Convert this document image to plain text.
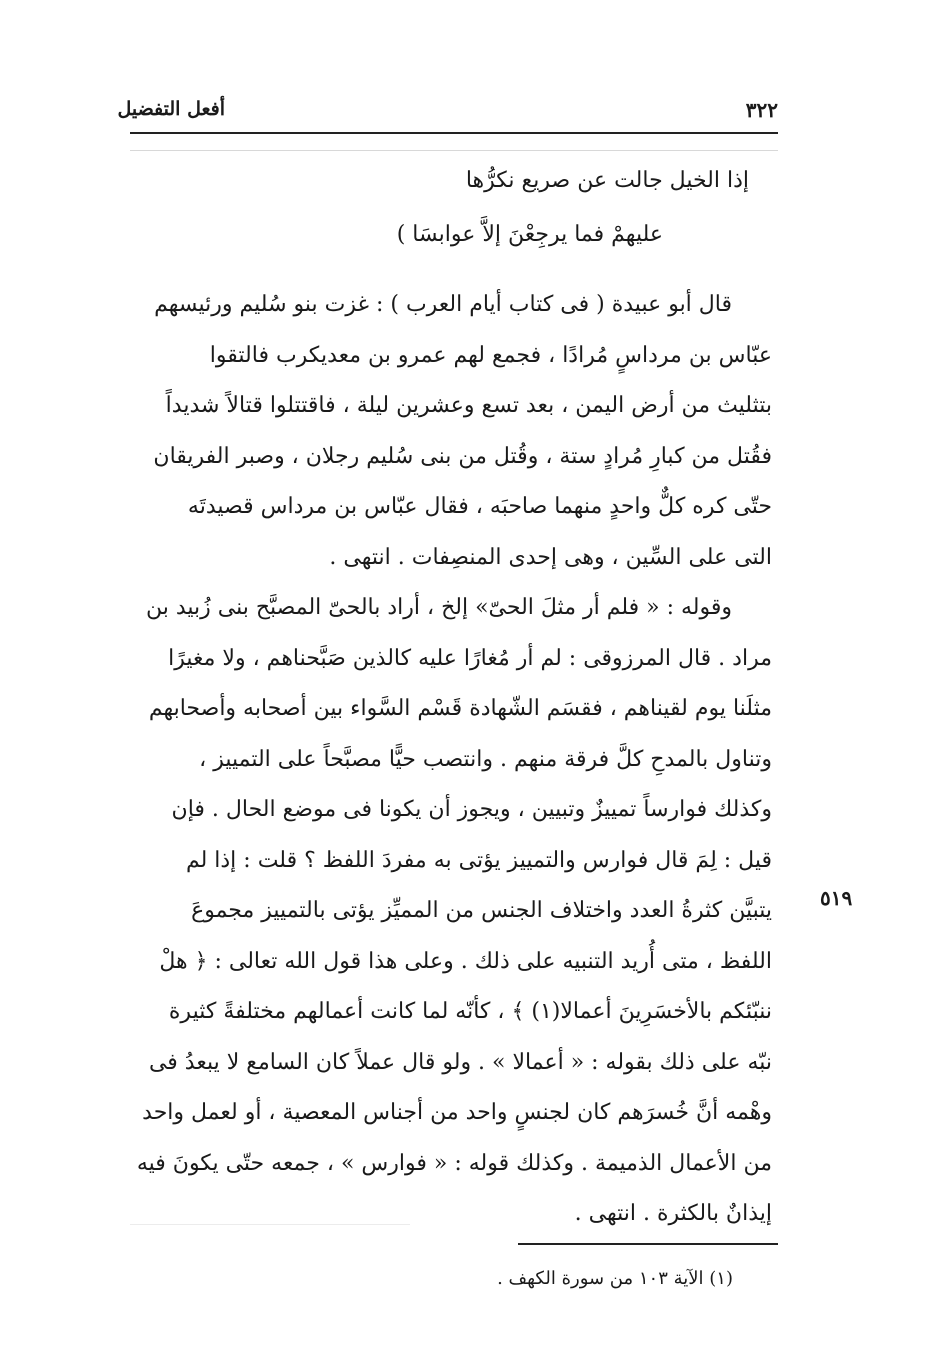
أفعل التفضيل	٣٢٢
إذا الخيل جالت عن صريع نكرُّها
عليهمْ فما يرجِعْنَ إلاَّ عوابسَا )
قال أبو عبيدة ( فى كتاب أيام العرب ) : غزت بنو سُليم ورئيسهم
عبّاس بن مرداسٍ مُرادًا ، فجمع لهم عمرو بن معديكرب فالتقوا
بتثليث من أرض اليمن ، بعد تسع وعشرين ليلة ، فاقتتلوا قتالاً شديداً
فقُتل من كبارِ مُرادٍ ستة ، وقُتل من بنى سُليم رجلان ، وصبر الفريقان
حتّى كره كلٌّ واحدٍ منهما صاحبَه ، فقال عبّاس بن مرداس قصيدتَه
التى على السِّين ، وهى إحدى المنصِفات . انتهى .
وقوله : « فلم أر مثلَ الحىّ» إلخ ، أراد بالحىّ المصبَّح بنى زُبيد بن
مراد . قال المرزوقى : لم أر مُغارًا عليه كالذين صَبَّحناهم ، ولا مغيرًا
مثلَنا يوم لقيناهم ، فقسَم الشّهادة قَسْم السَّواء بين أصحابه وأصحابهم
وتناول بالمدحِ كلَّ فرقة منهم . وانتصب حيًّا مصبَّحاً على التمييز ،
وكذلك فوارساً تمييزٌ وتبيين ، ويجوز أن يكونا فى موضع الحال . فإن
قيل : لِمَ قال فوارس والتمييز يؤتى به مفردَ اللفظ ؟ قلت : إذا لم
يتبيَّن كثرةُ العدد واختلاف الجنس من المميِّز يؤتى بالتمييز مجموعَ
اللفظ ، متى أُريد التنبيه على ذلك . وعلى هذا قول الله تعالى : ﴿ هلْ
ننبّئكم بالأخسَرِينَ أعمالا(١) ﴾ ، كأنّه لما كانت أعمالهم مختلفةً كثيرة
نبّه على ذلك بقوله : « أعمالا » . ولو قال عملاً كان السامع لا يبعدُ فى
وهْمه أنَّ خُسرَهم كان لجنسٍ واحد من أجناس المعصية ، أو لعمل واحد
من الأعمال الذميمة . وكذلك قوله : « فوارس » ، جمعه حتّى يكونَ فيه
إيذانٌ بالكثرة . انتهى .
٥١٩
(١) الآية ١٠٣ من سورة الكهف .
